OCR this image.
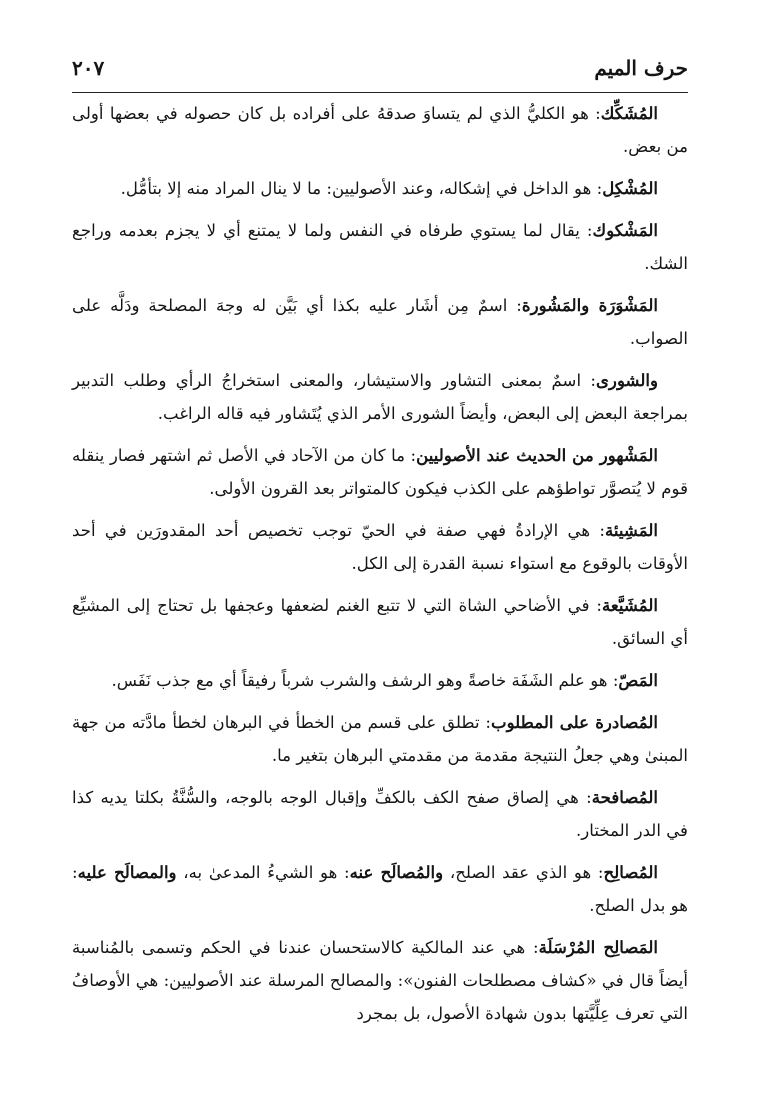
حرف الميم
٢٠٧

المُشَكِّك: هو الكليُّ الذي لم يتساوَ صدقهُ على أفراده بل كان حصوله في بعضها أولى من بعض.

المُشْكِل: هو الداخل في إشكاله، وعند الأصوليين: ما لا ينال المراد منه إلا بتأمُّل.

المَشْكوك: يقال لما يستوي طرفاه في النفس ولما لا يمتنع أي لا يجزم بعدمه وراجع الشك.

المَشْوَرَة والمَشُورة: اسمٌ مِن أشَار عليه بكذا أي بَيَّن له وجهَ المصلحة ودَلَّه على الصواب.

والشورى: اسمٌ بمعنى التشاور والاستيشار، والمعنى استخراجُ الرأي وطلب التدبير بمراجعة البعض إلى البعض، وأيضاً الشورى الأمر الذي يُتَشاور فيه قاله الراغب.

المَشْهور من الحديث عند الأصوليين: ما كان من الآحاد في الأصل ثم اشتهر فصار ينقله قوم لا يُتصوَّر تواطؤهم على الكذب فيكون كالمتواتر بعد القرون الأولى.

المَشِيئة: هي الإرادةُ فهي صفة في الحيّ توجب تخصيص أحد المقدورَين في أحد الأوقات بالوقوع مع استواء نسبة القدرة إلى الكل.

المُشَيَّعة: في الأضاحي الشاة التي لا تتبع الغنم لضعفها وعجفها بل تحتاج إلى المشيِّع أي السائق.

المَصّ: هو علم الشَفَة خاصةً وهو الرشف والشرب شرباً رفيقاً أي مع جذب نَفَس.

المُصادرة على المطلوب: تطلق على قسم من الخطأ في البرهان لخطأ مادَّته من جهة المبنىٰ وهي جعلُ النتيجة مقدمة من مقدمتي البرهان بتغير ما.

المُصافحة: هي إلصاق صفح الكف بالكفِّ وإقبال الوجه بالوجه، والسُّنَّةُ بكلتا يديه كذا في الدر المختار.

المُصالِح: هو الذي عقد الصلح، والمُصالَح عنه: هو الشيءُ المدعىٰ به، والمصالَح عليه: هو بدل الصلح.

المَصالِح المُرْسَلَة: هي عند المالكية كالاستحسان عندنا في الحكم وتسمى بالمُناسبة أيضاً قال في «كشاف مصطلحات الفنون»: والمصالح المرسلة عند الأصوليين: هي الأوصافُ التي تعرف عِلِّيَّتها بدون شهادة الأصول، بل بمجرد
